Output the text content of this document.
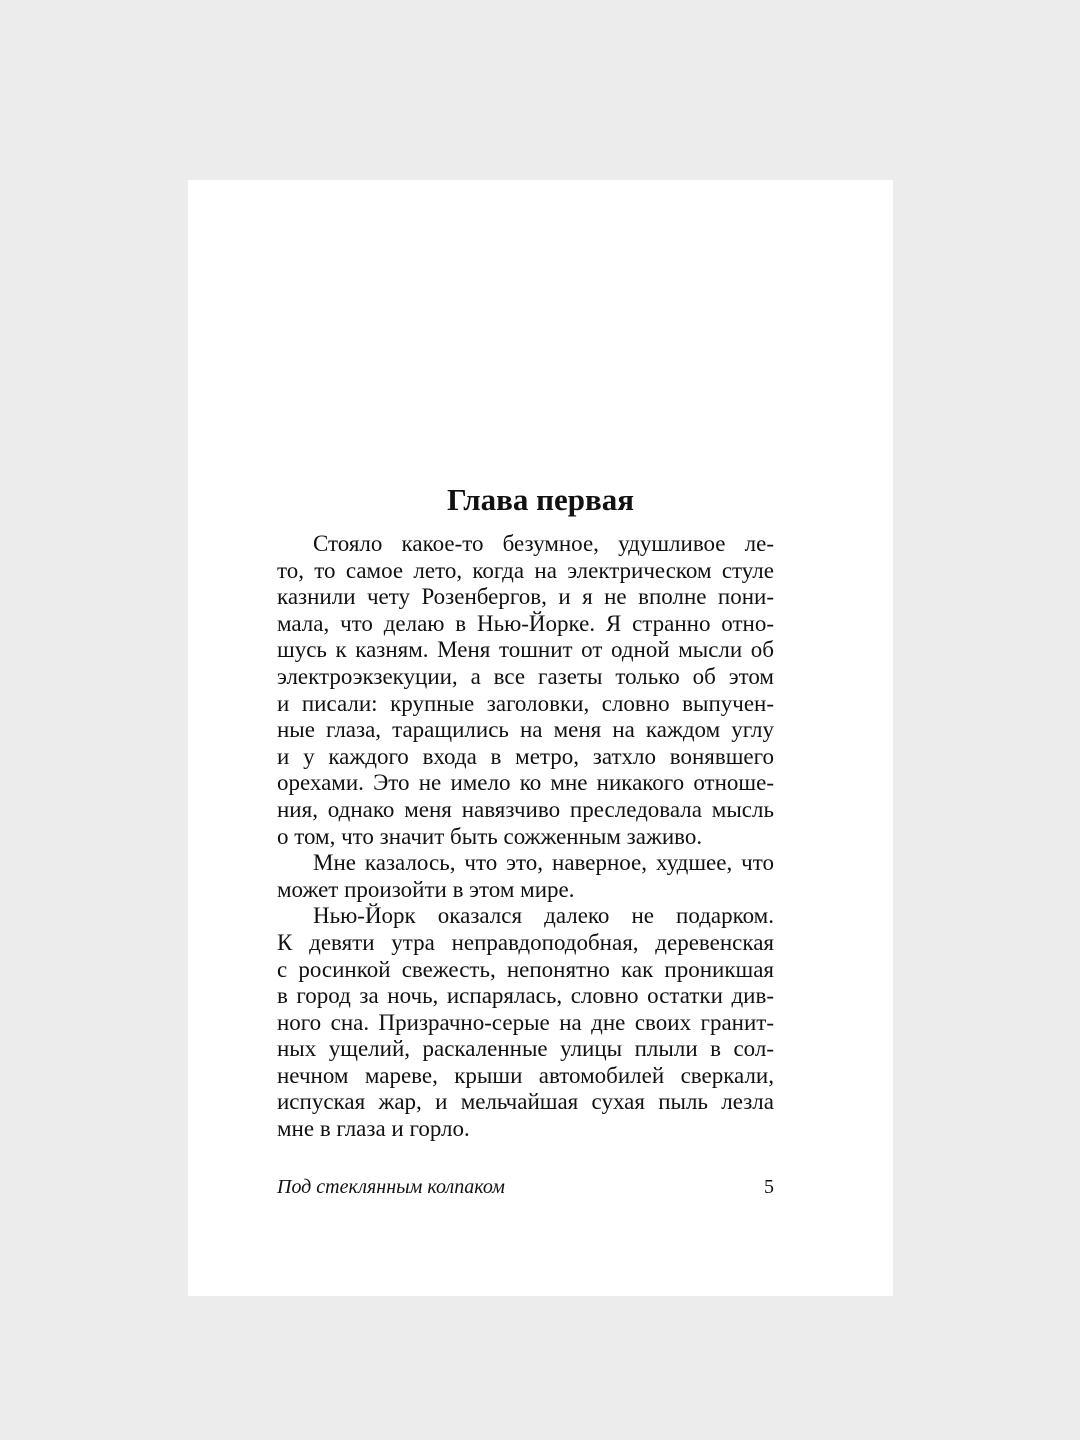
Глава первая
Стояло какое-то безумное, удушливое ле-
то, то самое лето, когда на электрическом стуле
казнили чету Розенбергов, и я не вполне пони-
мала, что делаю в Нью-Йорке. Я странно отно-
шусь к казням. Меня тошнит от одной мысли об
электроэкзекуции, а все газеты только об этом
и писали: крупные заголовки, словно выпучен-
ные глаза, таращились на меня на каждом углу
и у каждого входа в метро, затхло вонявшего
орехами. Это не имело ко мне никакого отноше-
ния, однако меня навязчиво преследовала мысль
о том, что значит быть сожженным заживо.
Мне казалось, что это, наверное, худшее, что
может произойти в этом мире.
Нью-Йорк оказался далеко не подарком.
К девяти утра неправдоподобная, деревенская
с росинкой свежесть, непонятно как проникшая
в город за ночь, испарялась, словно остатки див-
ного сна. Призрачно-серые на дне своих гранит-
ных ущелий, раскаленные улицы плыли в сол-
нечном мареве, крыши автомобилей сверкали,
испуская жар, и мельчайшая сухая пыль лезла
мне в глаза и горло.
Под стеклянным колпаком	5
